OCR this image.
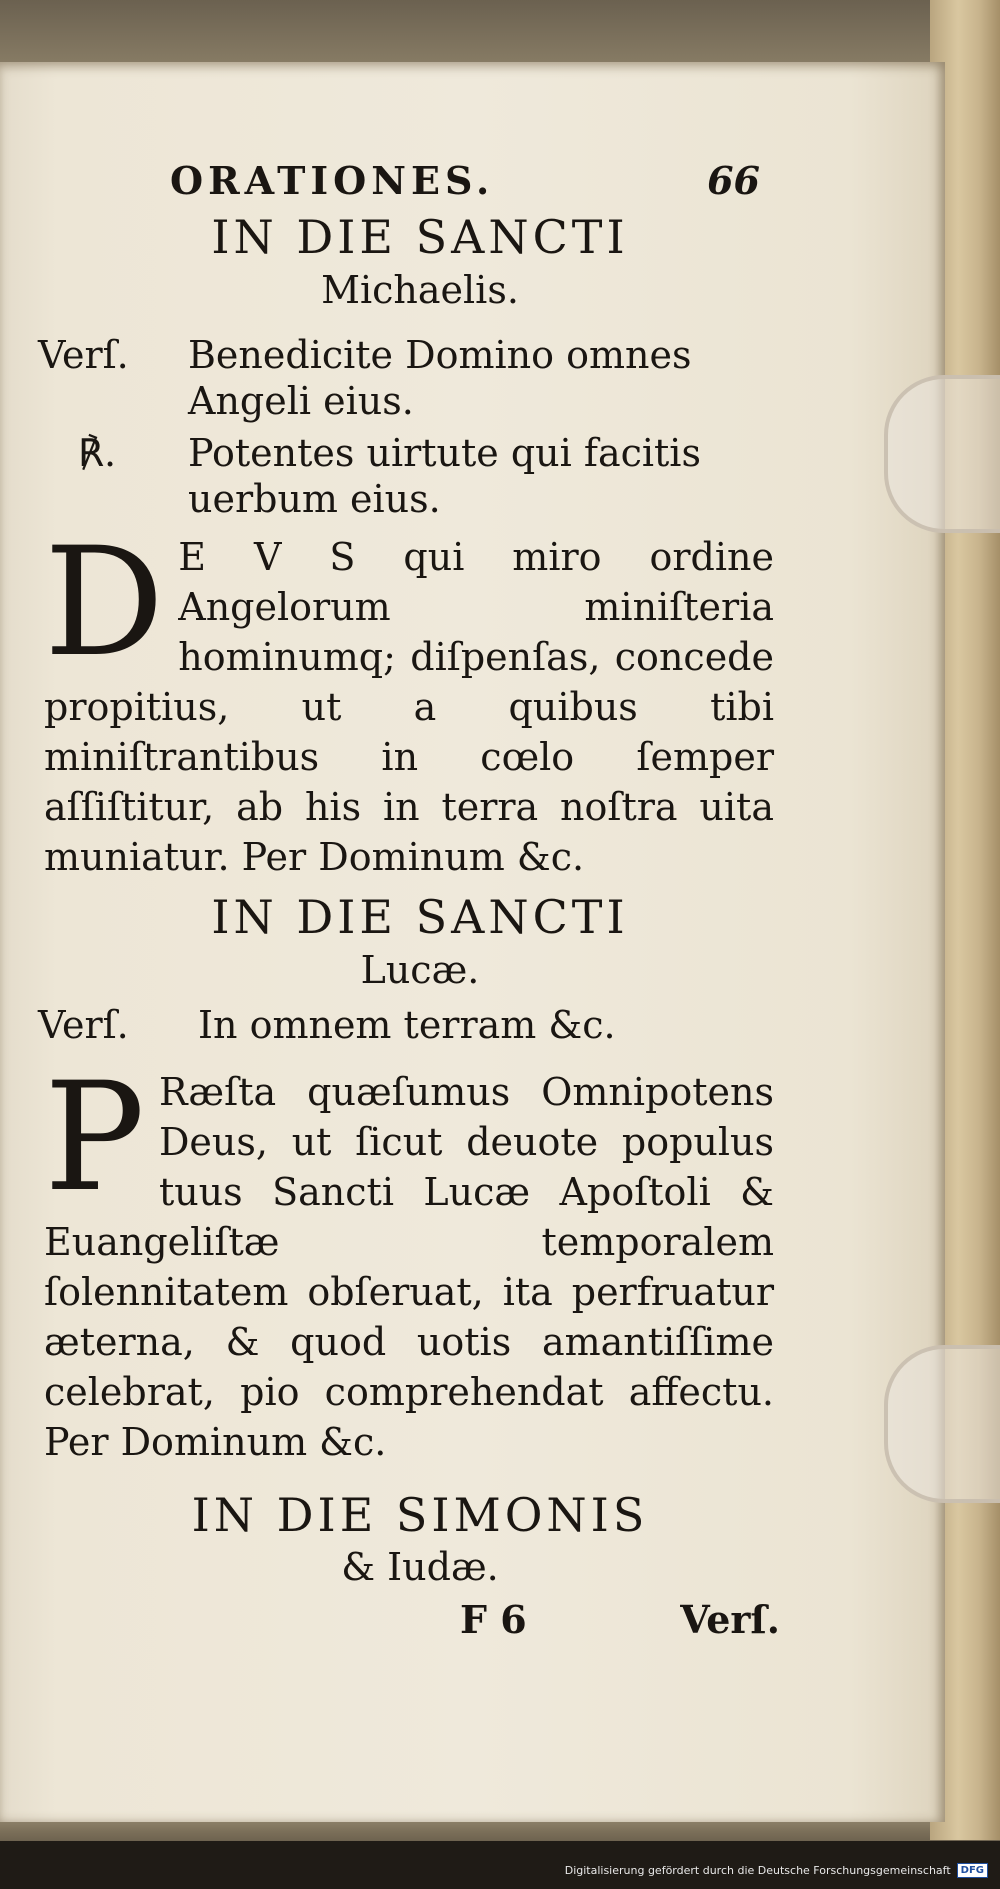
ORATIONES.	66
IN DIE SANCTI
Michaelis.
Verſ. Benedicite Domino omnes Angeli eius.
℟. Potentes uirtute qui facitis uerbum eius.
D E V S qui miro ordine Angelorum miniſteria hominumq; diſpenſas, concede propitius, ut a quibus tibi miniſtrantibus in cœlo ſemper aſſiſtitur, ab his in terra noſtra uita muniatur. Per Dominum &c.
IN DIE SANCTI
Lucæ.
Verſ. In omnem terram &c.
P Ræſta quæſumus Omnipotens Deus, ut ſicut deuote populus tuus Sancti Lucæ Apoſtoli & Euangeliſtæ temporalem ſolennitatem obſeruat, ita perfruatur æterna, & quod uotis amantiſſime celebrat, pio comprehendat affectu. Per Dominum &c.
IN DIE SIMONIS
& Iudæ.
F 6	Verſ.
Digitalisierung gefördert durch die Deutsche Forschungsgemeinschaft	DFG
